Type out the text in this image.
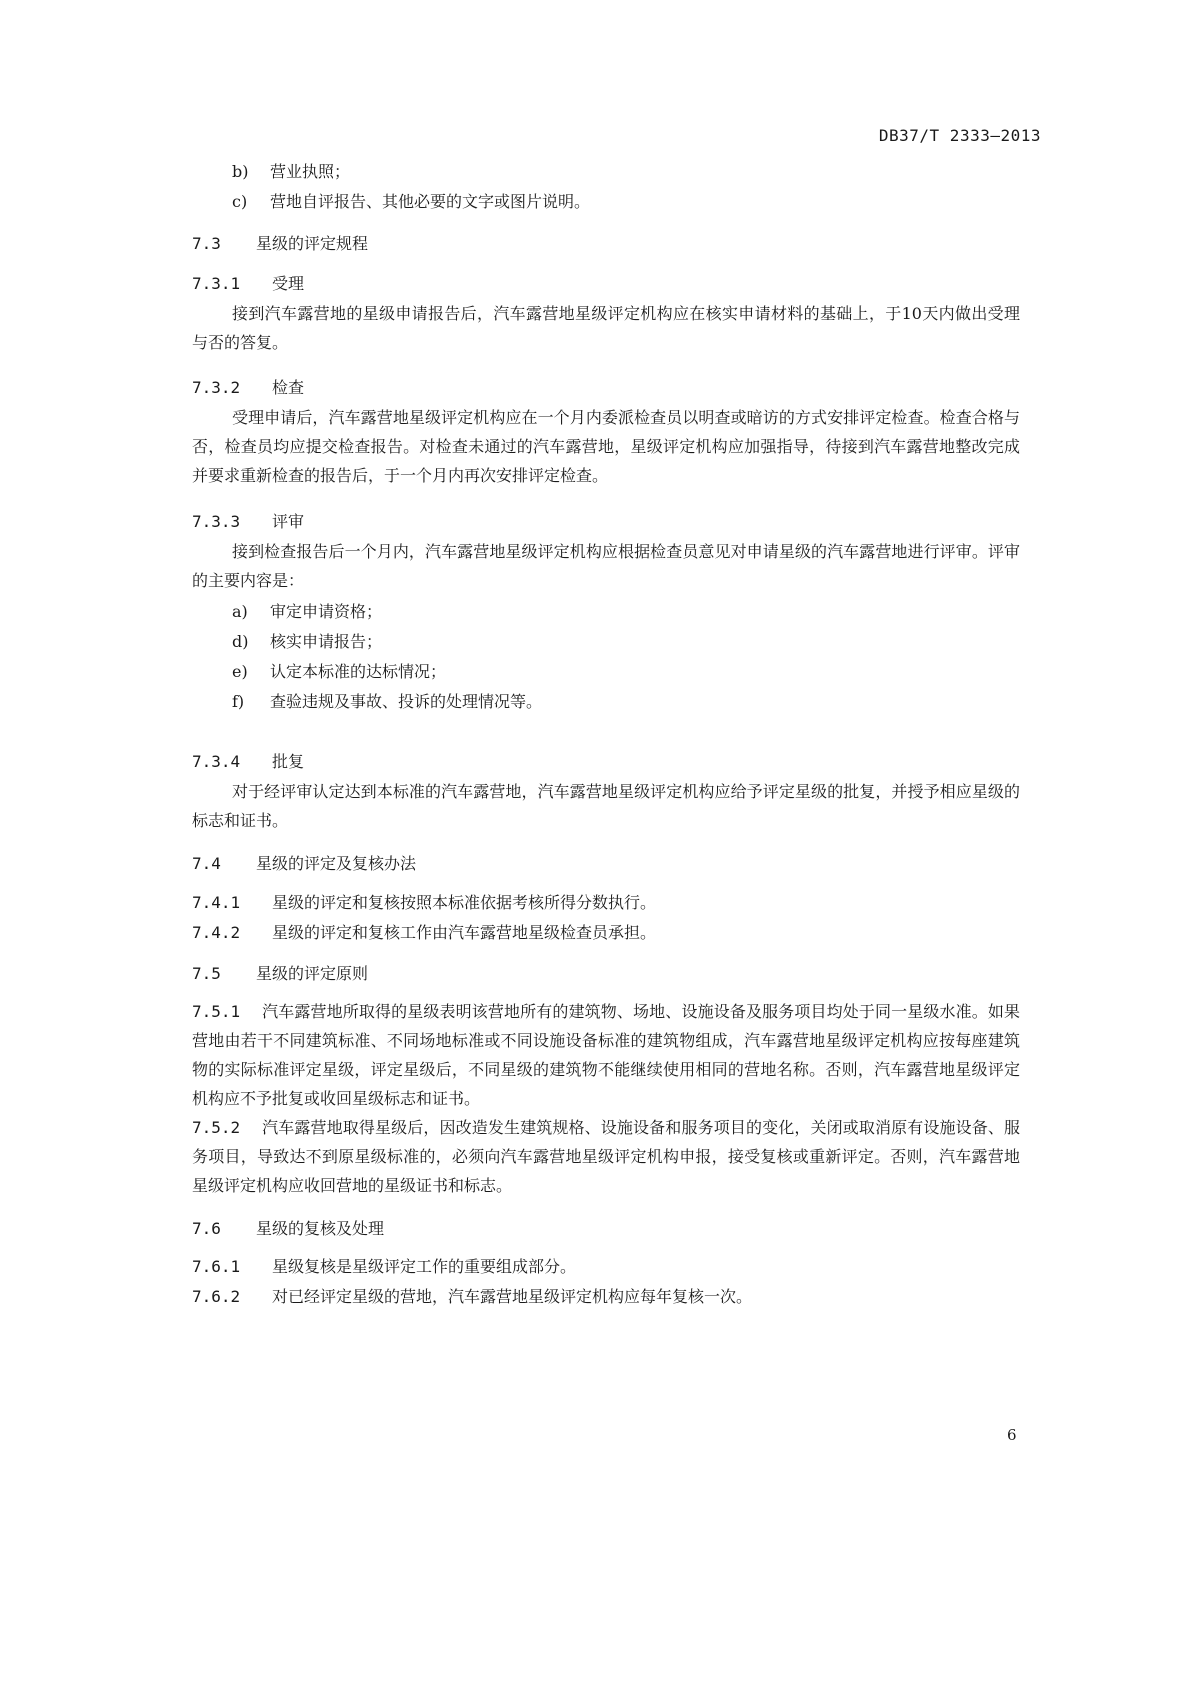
DB37/T 2333—2013
b) 营业执照；
c) 营地自评报告、其他必要的文字或图片说明。
7.3 星级的评定规程
7.3.1 受理
接到汽车露营地的星级申请报告后，汽车露营地星级评定机构应在核实申请材料的基础上，于10天内做出受理与否的答复。
7.3.2 检查
受理申请后，汽车露营地星级评定机构应在一个月内委派检查员以明查或暗访的方式安排评定检查。检查合格与否，检查员均应提交检查报告。对检查未通过的汽车露营地，星级评定机构应加强指导，待接到汽车露营地整改完成并要求重新检查的报告后，于一个月内再次安排评定检查。
7.3.3 评审
接到检查报告后一个月内，汽车露营地星级评定机构应根据检查员意见对申请星级的汽车露营地进行评审。评审的主要内容是：
a) 审定申请资格；
d) 核实申请报告；
e) 认定本标准的达标情况；
f) 查验违规及事故、投诉的处理情况等。
7.3.4 批复
对于经评审认定达到本标准的汽车露营地，汽车露营地星级评定机构应给予评定星级的批复，并授予相应星级的标志和证书。
7.4 星级的评定及复核办法
7.4.1 星级的评定和复核按照本标准依据考核所得分数执行。
7.4.2 星级的评定和复核工作由汽车露营地星级检查员承担。
7.5 星级的评定原则
7.5.1 汽车露营地所取得的星级表明该营地所有的建筑物、场地、设施设备及服务项目均处于同一星级水准。如果营地由若干不同建筑标准、不同场地标准或不同设施设备标准的建筑物组成，汽车露营地星级评定机构应按每座建筑物的实际标准评定星级，评定星级后，不同星级的建筑物不能继续使用相同的营地名称。否则，汽车露营地星级评定机构应不予批复或收回星级标志和证书。
7.5.2 汽车露营地取得星级后，因改造发生建筑规格、设施设备和服务项目的变化，关闭或取消原有设施设备、服务项目，导致达不到原星级标准的，必须向汽车露营地星级评定机构申报，接受复核或重新评定。否则，汽车露营地星级评定机构应收回营地的星级证书和标志。
7.6 星级的复核及处理
7.6.1 星级复核是星级评定工作的重要组成部分。
7.6.2 对已经评定星级的营地，汽车露营地星级评定机构应每年复核一次。
6
